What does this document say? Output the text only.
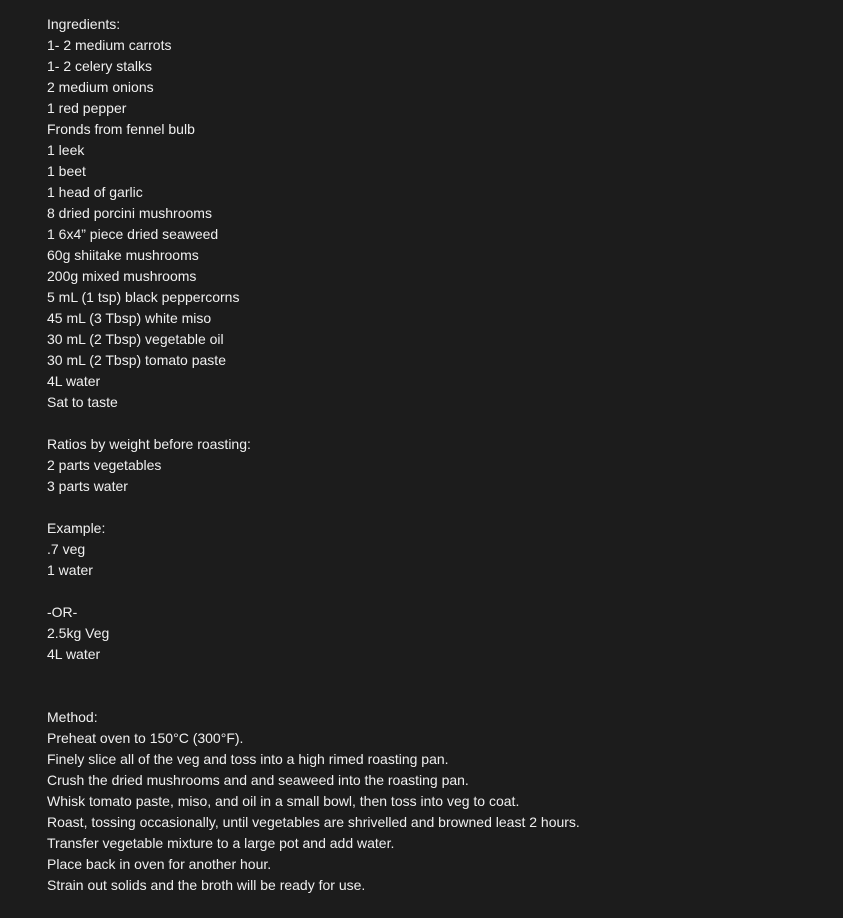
Ingredients:
1- 2 medium carrots
1- 2 celery stalks
2 medium onions
1 red pepper
Fronds from fennel bulb
1 leek
1 beet
1 head of garlic
8 dried porcini mushrooms
1 6x4” piece dried seaweed
60g shiitake mushrooms
200g mixed mushrooms
5 mL (1 tsp) black peppercorns
45 mL (3 Tbsp) white miso
30 mL (2 Tbsp) vegetable oil
30 mL (2 Tbsp) tomato paste
4L water
Sat to taste
Ratios by weight before roasting:
2 parts vegetables
3 parts water
Example:
.7 veg
1 water
-OR-
2.5kg Veg
4L water
Method:
Preheat oven to 150°C (300°F).
Finely slice all of the veg and toss into a high rimed roasting pan.
Crush the dried mushrooms and and seaweed into the roasting pan.
Whisk tomato paste, miso, and oil in a small bowl, then toss into veg to coat.
Roast, tossing occasionally, until vegetables are shrivelled and browned least 2 hours.
Transfer vegetable mixture to a large pot and add water.
Place back in oven for another hour.
Strain out solids and the broth will be ready for use.
